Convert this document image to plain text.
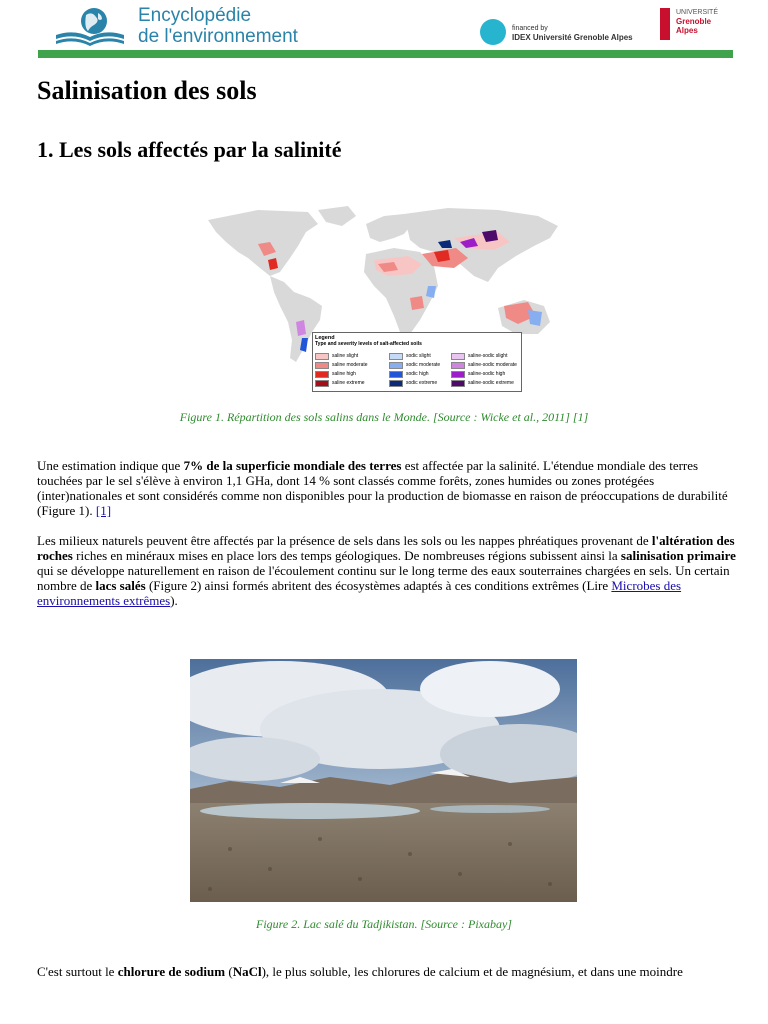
Encyclopédie
de l'environnement	financed by
IDEX Université Grenoble Alpes
UNIVERSITÉ
Grenoble
Alpes
Salinisation des sols
1. Les sols affectés par la salinité
Legend
Type and severity levels of salt-affected soils
saline slight
saline moderate
saline high
saline extreme
sodic slight
sodic moderate
sodic high
sodic extreme
saline-sodic slight
saline-sodic moderate
saline-sodic high
saline-sodic extreme
Figure 1. Répartition des sols salins dans le Monde. [Source : Wicke et al., 2011] [1]

Une estimation indique que 7% de la superficie mondiale des terres est affectée par la salinité. L'étendue mondiale des terres touchées par le sel s'élève à environ 1,1 GHa, dont 14 % sont classés comme forêts, zones humides ou zones protégées (inter)nationales et sont considérés comme non disponibles pour la production de biomasse en raison de préoccupations de durabilité (Figure 1). [1]

Les milieux naturels peuvent être affectés par la présence de sels dans les sols ou les nappes phréatiques provenant de l'altération des roches riches en minéraux mises en place lors des temps géologiques. De nombreuses régions subissent ainsi la salinisation primaire qui se développe naturellement en raison de l'écoulement continu sur le long terme des eaux souterraines chargées en sels. Un certain nombre de lacs salés (Figure 2) ainsi formés abritent des écosystèmes adaptés à ces conditions extrêmes (Lire Microbes des environnements extrêmes).

Figure 2. Lac salé du Tadjikistan. [Source : Pixabay]

C'est surtout le chlorure de sodium (NaCl), le plus soluble, les chlorures de calcium et de magnésium, et dans une moindre
